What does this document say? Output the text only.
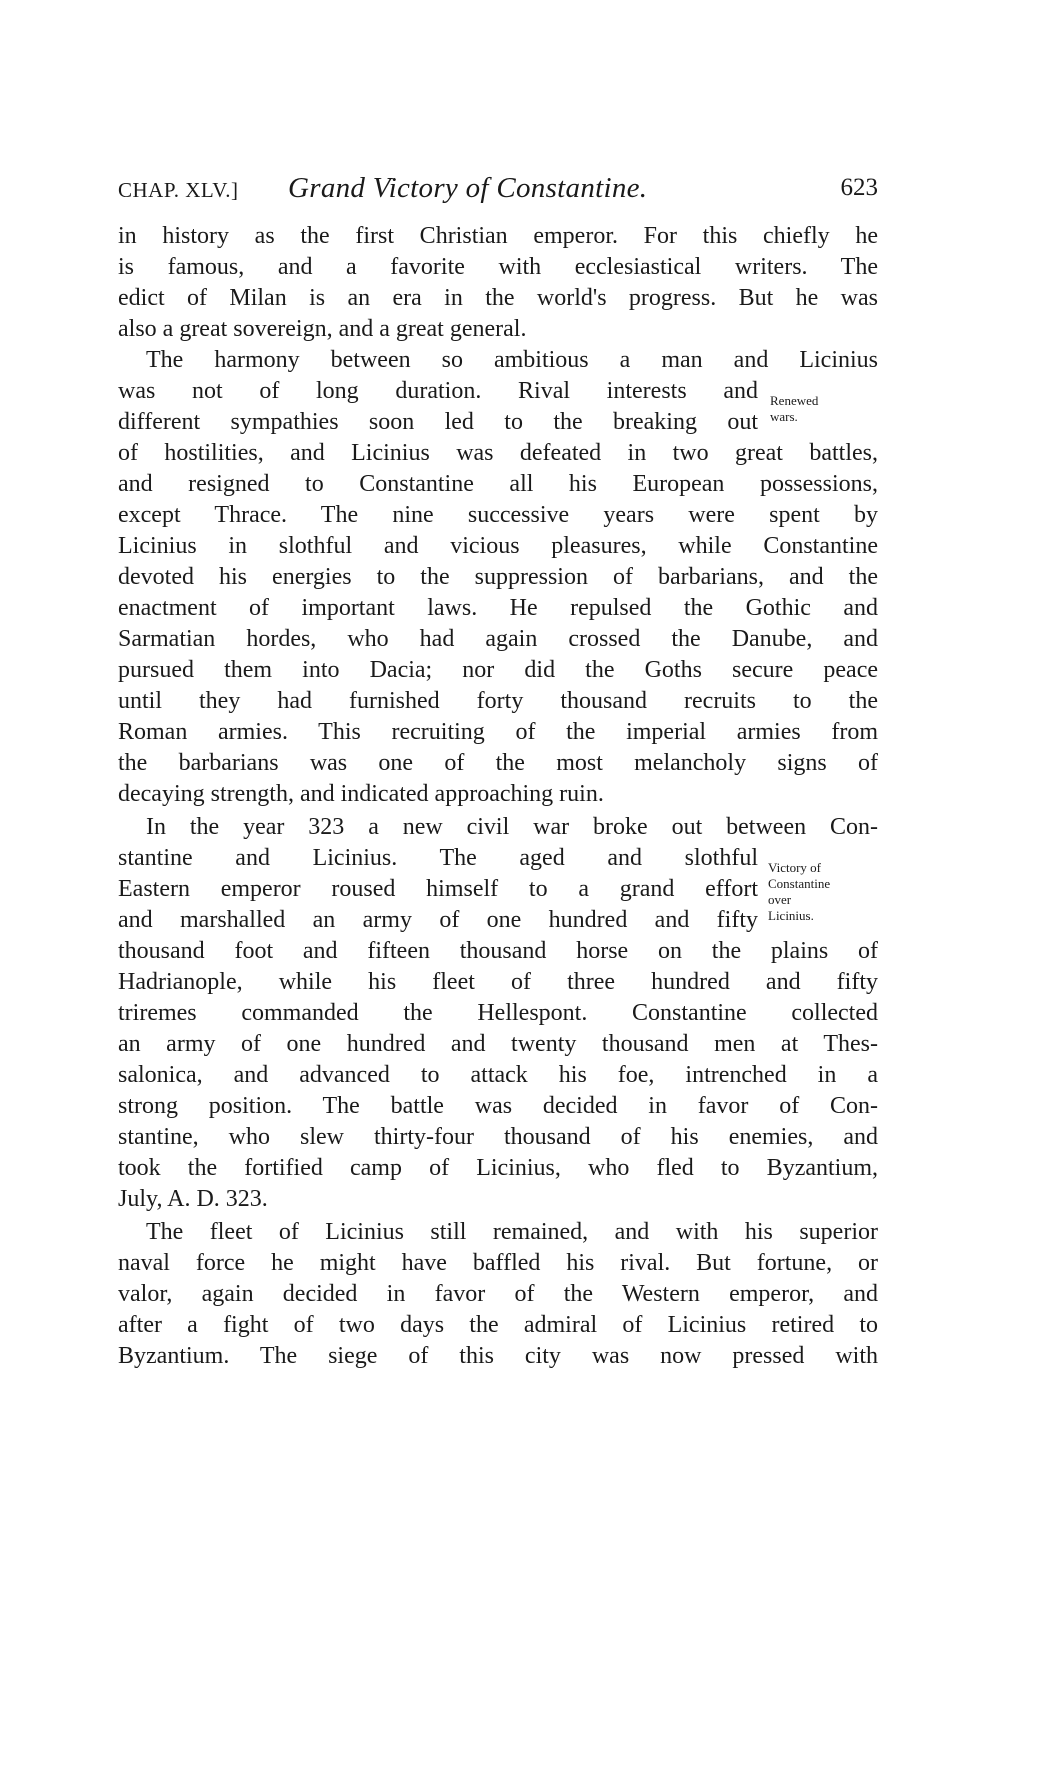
CHAP. XLV.] Grand Victory of Constantine.	623
in history as the first Christian emperor. For this chiefly he
is famous, and a favorite with ecclesiastical writers. The
edict of Milan is an era in the world's progress. But he was
also a great sovereign, and a great general.
The harmony between so ambitious a man and Licinius
was not of long duration. Rival interests and
different sympathies soon led to the breaking out
of hostilities, and Licinius was defeated in two great battles,
and resigned to Constantine all his European possessions,
except Thrace. The nine successive years were spent by
Licinius in slothful and vicious pleasures, while Constantine
devoted his energies to the suppression of barbarians, and the
enactment of important laws. He repulsed the Gothic and
Sarmatian hordes, who had again crossed the Danube, and
pursued them into Dacia; nor did the Goths secure peace
until they had furnished forty thousand recruits to the
Roman armies. This recruiting of the imperial armies from
the barbarians was one of the most melancholy signs of
decaying strength, and indicated approaching ruin.
In the year 323 a new civil war broke out between Con-
stantine and Licinius. The aged and slothful
Eastern emperor roused himself to a grand effort
and marshalled an army of one hundred and fifty
thousand foot and fifteen thousand horse on the plains of
Hadrianople, while his fleet of three hundred and fifty
triremes commanded the Hellespont. Constantine collected
an army of one hundred and twenty thousand men at Thes-
salonica, and advanced to attack his foe, intrenched in a
strong position. The battle was decided in favor of Con-
stantine, who slew thirty-four thousand of his enemies, and
took the fortified camp of Licinius, who fled to Byzantium,
July, A. D. 323.
The fleet of Licinius still remained, and with his superior
naval force he might have baffled his rival. But fortune, or
valor, again decided in favor of the Western emperor, and
after a fight of two days the admiral of Licinius retired to
Byzantium. The siege of this city was now pressed with
Renewed
wars.
Victory of
Constantine
over
Licinius.
